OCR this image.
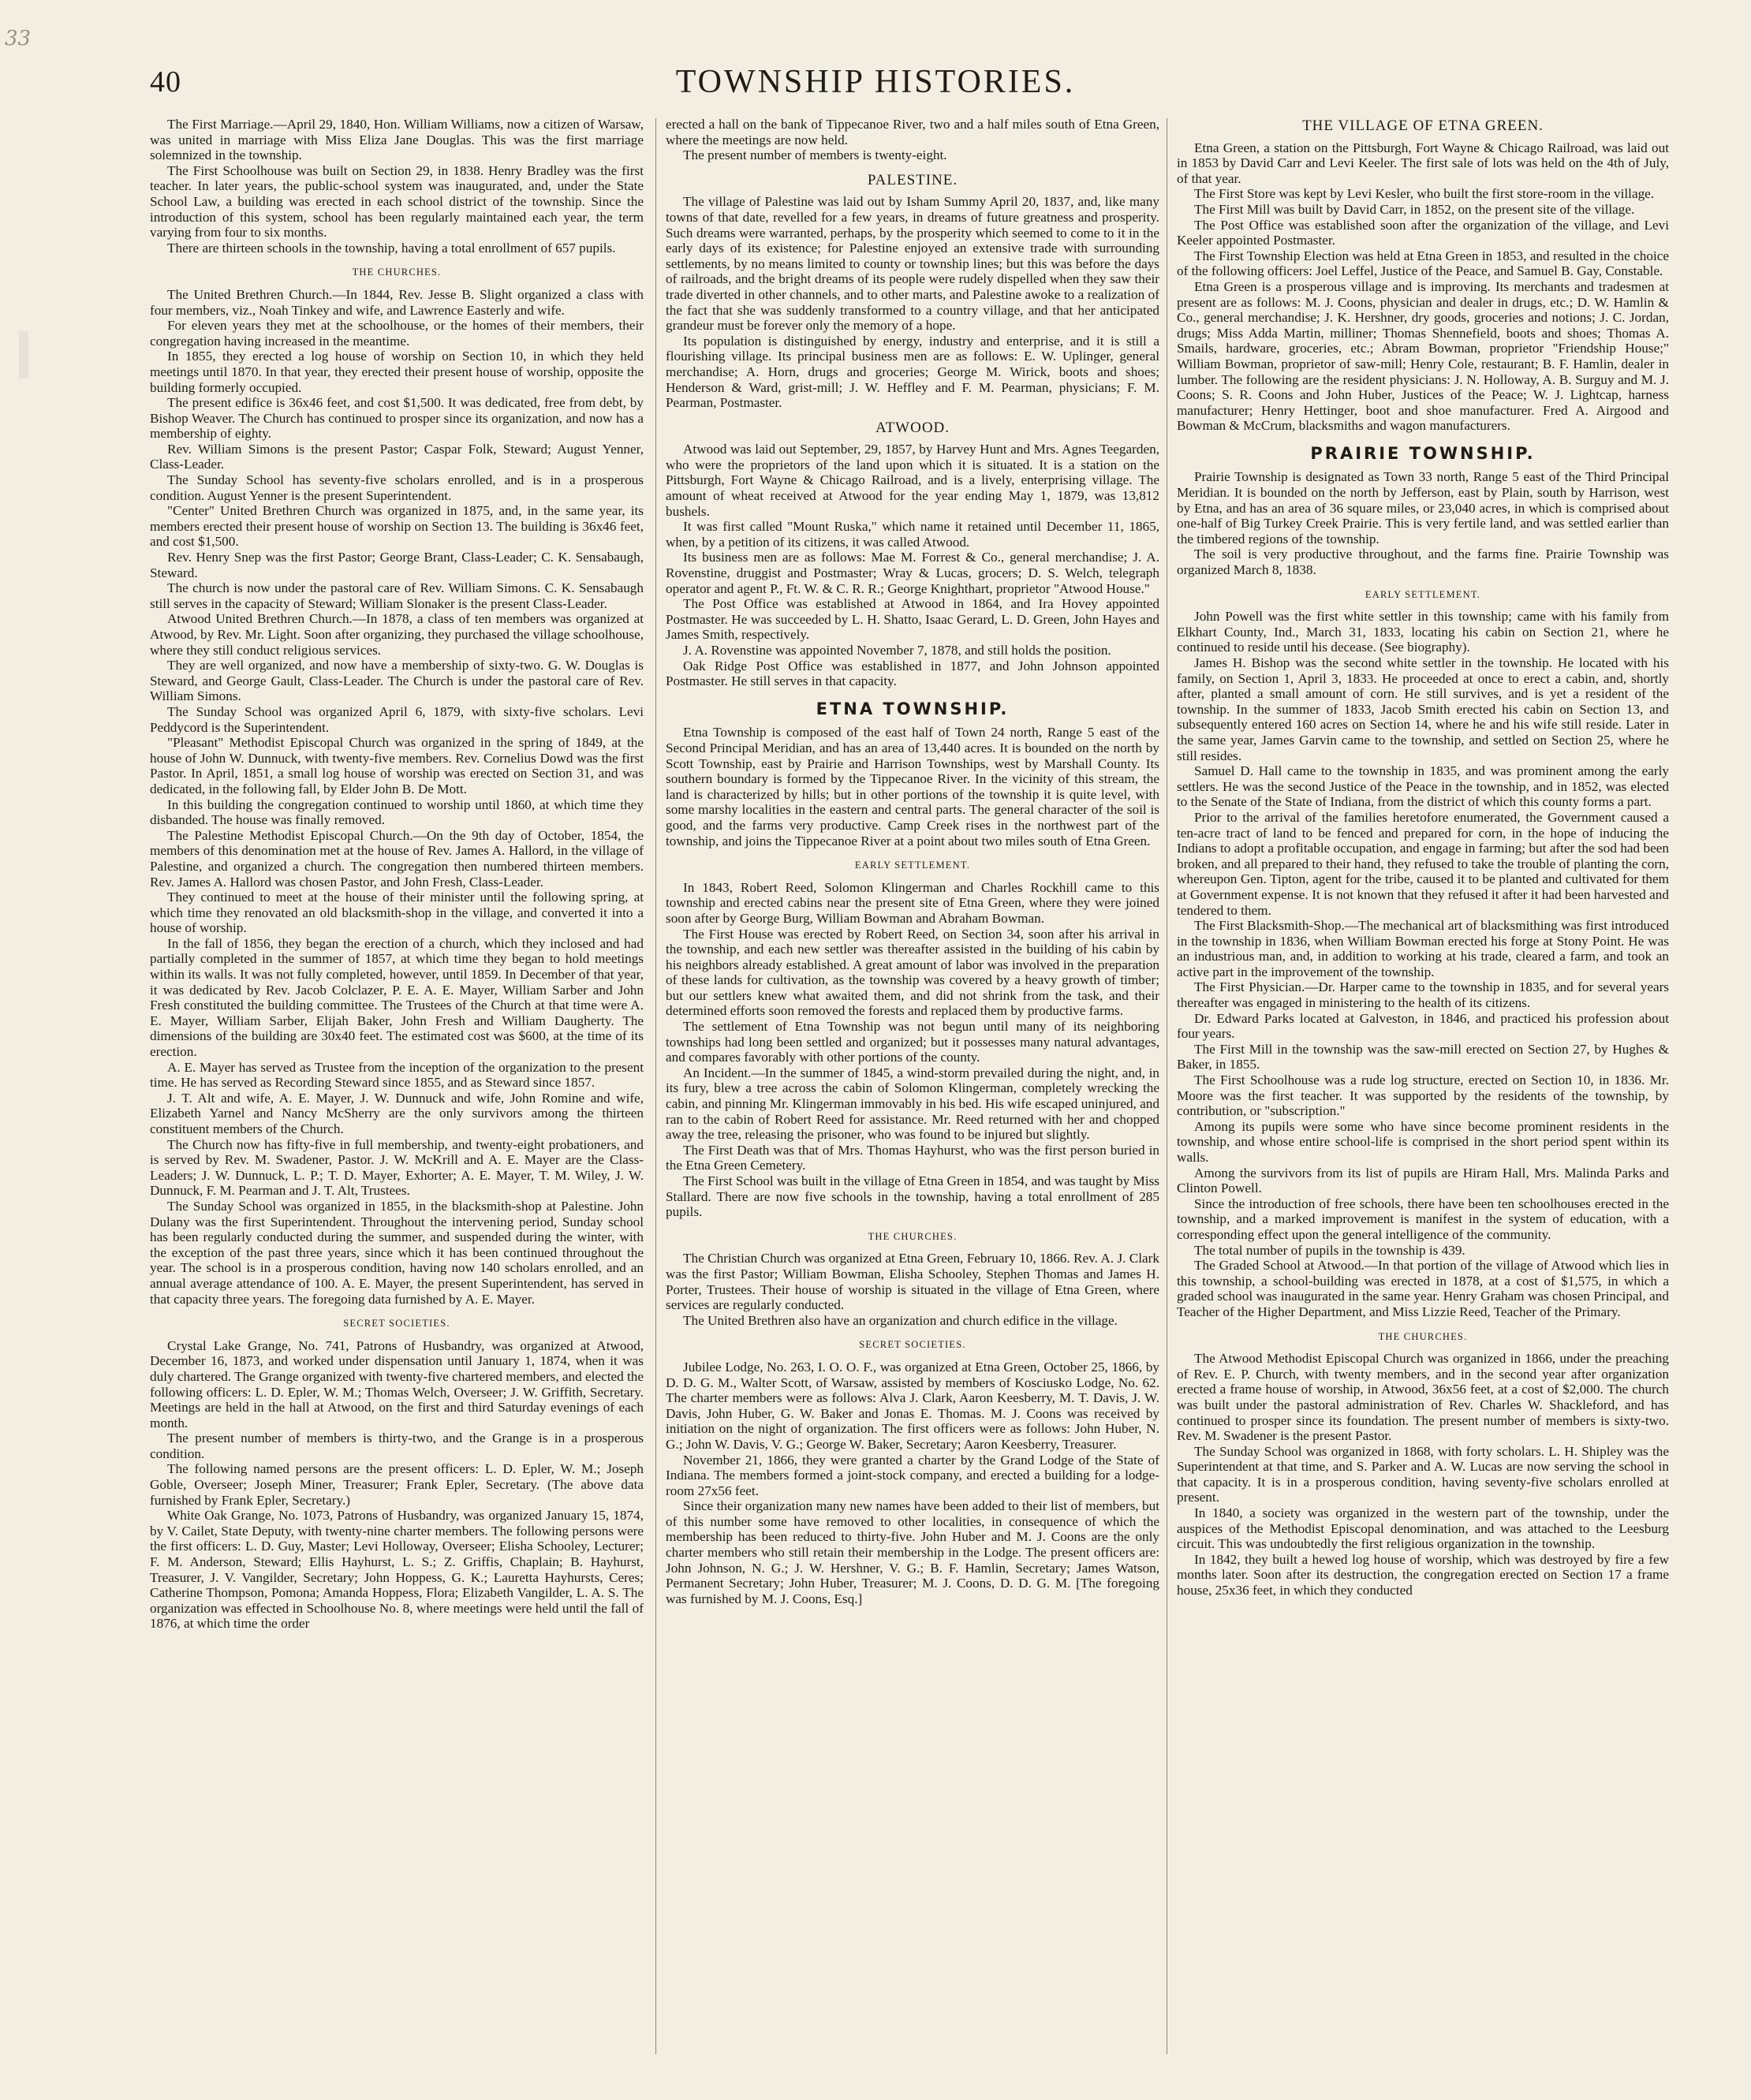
33
40	TOWNSHIP HISTORIES.

The First Marriage.—April 29, 1840, Hon. William Williams, now a citizen of Warsaw, was united in marriage with Miss Eliza Jane Douglas. This was the first marriage solemnized in the township.

The First Schoolhouse was built on Section 29, in 1838. Henry Bradley was the first teacher. In later years, the public-school system was inaugurated, and, under the State School Law, a building was erected in each school district of the township. Since the introduction of this system, school has been regularly maintained each year, the term varying from four to six months.

There are thirteen schools in the township, having a total enrollment of 657 pupils.

THE CHURCHES.

The United Brethren Church.—In 1844, Rev. Jesse B. Slight organized a class with four members, viz., Noah Tinkey and wife, and Lawrence Easterly and wife.

For eleven years they met at the schoolhouse, or the homes of their members, their congregation having increased in the meantime.

In 1855, they erected a log house of worship on Section 10, in which they held meetings until 1870. In that year, they erected their present house of worship, opposite the building formerly occupied.

The present edifice is 36x46 feet, and cost $1,500. It was dedicated, free from debt, by Bishop Weaver. The Church has continued to prosper since its organization, and now has a membership of eighty.

Rev. William Simons is the present Pastor; Caspar Folk, Steward; August Yenner, Class-Leader.

The Sunday School has seventy-five scholars enrolled, and is in a prosperous condition. August Yenner is the present Superintendent.

"Center" United Brethren Church was organized in 1875, and, in the same year, its members erected their present house of worship on Section 13. The building is 36x46 feet, and cost $1,500.

Rev. Henry Snep was the first Pastor; George Brant, Class-Leader; C. K. Sensabaugh, Steward.

The church is now under the pastoral care of Rev. William Simons. C. K. Sensabaugh still serves in the capacity of Steward; William Slonaker is the present Class-Leader.

Atwood United Brethren Church.—In 1878, a class of ten members was organized at Atwood, by Rev. Mr. Light. Soon after organizing, they purchased the village schoolhouse, where they still conduct religious services.

They are well organized, and now have a membership of sixty-two. G. W. Douglas is Steward, and George Gault, Class-Leader. The Church is under the pastoral care of Rev. William Simons.

The Sunday School was organized April 6, 1879, with sixty-five scholars. Levi Peddycord is the Superintendent.

"Pleasant" Methodist Episcopal Church was organized in the spring of 1849, at the house of John W. Dunnuck, with twenty-five members. Rev. Cornelius Dowd was the first Pastor. In April, 1851, a small log house of worship was erected on Section 31, and was dedicated, in the following fall, by Elder John B. De Mott.

In this building the congregation continued to worship until 1860, at which time they disbanded. The house was finally removed.

The Palestine Methodist Episcopal Church.—On the 9th day of October, 1854, the members of this denomination met at the house of Rev. James A. Hallord, in the village of Palestine, and organized a church. The congregation then numbered thirteen members. Rev. James A. Hallord was chosen Pastor, and John Fresh, Class-Leader.

They continued to meet at the house of their minister until the following spring, at which time they renovated an old blacksmith-shop in the village, and converted it into a house of worship.

In the fall of 1856, they began the erection of a church, which they inclosed and had partially completed in the summer of 1857, at which time they began to hold meetings within its walls. It was not fully completed, however, until 1859. In December of that year, it was dedicated by Rev. Jacob Colclazer, P. E. A. E. Mayer, William Sarber and John Fresh constituted the building committee. The Trustees of the Church at that time were A. E. Mayer, William Sarber, Elijah Baker, John Fresh and William Daugherty. The dimensions of the building are 30x40 feet. The estimated cost was $600, at the time of its erection.

A. E. Mayer has served as Trustee from the inception of the organization to the present time. He has served as Recording Steward since 1855, and as Steward since 1857.

J. T. Alt and wife, A. E. Mayer, J. W. Dunnuck and wife, John Romine and wife, Elizabeth Yarnel and Nancy McSherry are the only survivors among the thirteen constituent members of the Church.

The Church now has fifty-five in full membership, and twenty-eight probationers, and is served by Rev. M. Swadener, Pastor. J. W. McKrill and A. E. Mayer are the Class-Leaders; J. W. Dunnuck, L. P.; T. D. Mayer, Exhorter; A. E. Mayer, T. M. Wiley, J. W. Dunnuck, F. M. Pearman and J. T. Alt, Trustees.

The Sunday School was organized in 1855, in the blacksmith-shop at Palestine. John Dulany was the first Superintendent. Throughout the intervening period, Sunday school has been regularly conducted during the summer, and suspended during the winter, with the exception of the past three years, since which it has been continued throughout the year. The school is in a prosperous condition, having now 140 scholars enrolled, and an annual average attendance of 100. A. E. Mayer, the present Superintendent, has served in that capacity three years. The foregoing data furnished by A. E. Mayer.

SECRET SOCIETIES.

Crystal Lake Grange, No. 741, Patrons of Husbandry, was organized at Atwood, December 16, 1873, and worked under dispensation until January 1, 1874, when it was duly chartered. The Grange organized with twenty-five chartered members, and elected the following officers: L. D. Epler, W. M.; Thomas Welch, Overseer; J. W. Griffith, Secretary. Meetings are held in the hall at Atwood, on the first and third Saturday evenings of each month.

The present number of members is thirty-two, and the Grange is in a prosperous condition.

The following named persons are the present officers: L. D. Epler, W. M.; Joseph Goble, Overseer; Joseph Miner, Treasurer; Frank Epler, Secretary. (The above data furnished by Frank Epler, Secretary.)

White Oak Grange, No. 1073, Patrons of Husbandry, was organized January 15, 1874, by V. Cailet, State Deputy, with twenty-nine charter members. The following persons were the first officers: L. D. Guy, Master; Levi Holloway, Overseer; Elisha Schooley, Lecturer; F. M. Anderson, Steward; Ellis Hayhurst, L. S.; Z. Griffis, Chaplain; B. Hayhurst, Treasurer, J. V. Vangilder, Secretary; John Hoppess, G. K.; Lauretta Hayhursts, Ceres; Catherine Thompson, Pomona; Amanda Hoppess, Flora; Elizabeth Vangilder, L. A. S. The organization was effected in Schoolhouse No. 8, where meetings were held until the fall of 1876, at which time the order

erected a hall on the bank of Tippecanoe River, two and a half miles south of Etna Green, where the meetings are now held.

The present number of members is twenty-eight.

PALESTINE.

The village of Palestine was laid out by Isham Summy April 20, 1837, and, like many towns of that date, revelled for a few years, in dreams of future greatness and prosperity. Such dreams were warranted, perhaps, by the prosperity which seemed to come to it in the early days of its existence; for Palestine enjoyed an extensive trade with surrounding settlements, by no means limited to county or township lines; but this was before the days of railroads, and the bright dreams of its people were rudely dispelled when they saw their trade diverted in other channels, and to other marts, and Palestine awoke to a realization of the fact that she was suddenly transformed to a country village, and that her anticipated grandeur must be forever only the memory of a hope.

Its population is distinguished by energy, industry and enterprise, and it is still a flourishing village. Its principal business men are as follows: E. W. Uplinger, general merchandise; A. Horn, drugs and groceries; George M. Wirick, boots and shoes; Henderson & Ward, grist-mill; J. W. Heffley and F. M. Pearman, physicians; F. M. Pearman, Postmaster.

ATWOOD.

Atwood was laid out September, 29, 1857, by Harvey Hunt and Mrs. Agnes Teegarden, who were the proprietors of the land upon which it is situated. It is a station on the Pittsburgh, Fort Wayne & Chicago Railroad, and is a lively, enterprising village. The amount of wheat received at Atwood for the year ending May 1, 1879, was 13,812 bushels.

It was first called "Mount Ruska," which name it retained until December 11, 1865, when, by a petition of its citizens, it was called Atwood.

Its business men are as follows: Mae M. Forrest & Co., general merchandise; J. A. Rovenstine, druggist and Postmaster; Wray & Lucas, grocers; D. S. Welch, telegraph operator and agent P., Ft. W. & C. R. R.; George Knighthart, proprietor "Atwood House."

The Post Office was established at Atwood in 1864, and Ira Hovey appointed Postmaster. He was succeeded by L. H. Shatto, Isaac Gerard, L. D. Green, John Hayes and James Smith, respectively.

J. A. Rovenstine was appointed November 7, 1878, and still holds the position.

Oak Ridge Post Office was established in 1877, and John Johnson appointed Postmaster. He still serves in that capacity.

ETNA TOWNSHIP.

Etna Township is composed of the east half of Town 24 north, Range 5 east of the Second Principal Meridian, and has an area of 13,440 acres. It is bounded on the north by Scott Township, east by Prairie and Harrison Townships, west by Marshall County. Its southern boundary is formed by the Tippecanoe River. In the vicinity of this stream, the land is characterized by hills; but in other portions of the township it is quite level, with some marshy localities in the eastern and central parts. The general character of the soil is good, and the farms very productive. Camp Creek rises in the northwest part of the township, and joins the Tippecanoe River at a point about two miles south of Etna Green.

EARLY SETTLEMENT.

In 1843, Robert Reed, Solomon Klingerman and Charles Rockhill came to this township and erected cabins near the present site of Etna Green, where they were joined soon after by George Burg, William Bowman and Abraham Bowman.

The First House was erected by Robert Reed, on Section 34, soon after his arrival in the township, and each new settler was thereafter assisted in the building of his cabin by his neighbors already established. A great amount of labor was involved in the preparation of these lands for cultivation, as the township was covered by a heavy growth of timber; but our settlers knew what awaited them, and did not shrink from the task, and their determined efforts soon removed the forests and replaced them by productive farms.

The settlement of Etna Township was not begun until many of its neighboring townships had long been settled and organized; but it possesses many natural advantages, and compares favorably with other portions of the county.

An Incident.—In the summer of 1845, a wind-storm prevailed during the night, and, in its fury, blew a tree across the cabin of Solomon Klingerman, completely wrecking the cabin, and pinning Mr. Klingerman immovably in his bed. His wife escaped uninjured, and ran to the cabin of Robert Reed for assistance. Mr. Reed returned with her and chopped away the tree, releasing the prisoner, who was found to be injured but slightly.

The First Death was that of Mrs. Thomas Hayhurst, who was the first person buried in the Etna Green Cemetery.

The First School was built in the village of Etna Green in 1854, and was taught by Miss Stallard. There are now five schools in the township, having a total enrollment of 285 pupils.

THE CHURCHES.

The Christian Church was organized at Etna Green, February 10, 1866. Rev. A. J. Clark was the first Pastor; William Bowman, Elisha Schooley, Stephen Thomas and James H. Porter, Trustees. Their house of worship is situated in the village of Etna Green, where services are regularly conducted.

The United Brethren also have an organization and church edifice in the village.

SECRET SOCIETIES.

Jubilee Lodge, No. 263, I. O. O. F., was organized at Etna Green, October 25, 1866, by D. D. G. M., Walter Scott, of Warsaw, assisted by members of Kosciusko Lodge, No. 62. The charter members were as follows: Alva J. Clark, Aaron Keesberry, M. T. Davis, J. W. Davis, John Huber, G. W. Baker and Jonas E. Thomas. M. J. Coons was received by initiation on the night of organization. The first officers were as follows: John Huber, N. G.; John W. Davis, V. G.; George W. Baker, Secretary; Aaron Keesberry, Treasurer.

November 21, 1866, they were granted a charter by the Grand Lodge of the State of Indiana. The members formed a joint-stock company, and erected a building for a lodge-room 27x56 feet.

Since their organization many new names have been added to their list of members, but of this number some have removed to other localities, in consequence of which the membership has been reduced to thirty-five. John Huber and M. J. Coons are the only charter members who still retain their membership in the Lodge. The present officers are: John Johnson, N. G.; J. W. Hershner, V. G.; B. F. Hamlin, Secretary; James Watson, Permanent Secretary; John Huber, Treasurer; M. J. Coons, D. D. G. M. [The foregoing was furnished by M. J. Coons, Esq.]

THE VILLAGE OF ETNA GREEN.

Etna Green, a station on the Pittsburgh, Fort Wayne & Chicago Railroad, was laid out in 1853 by David Carr and Levi Keeler. The first sale of lots was held on the 4th of July, of that year.

The First Store was kept by Levi Kesler, who built the first store-room in the village.

The First Mill was built by David Carr, in 1852, on the present site of the village.

The Post Office was established soon after the organization of the village, and Levi Keeler appointed Postmaster.

The First Township Election was held at Etna Green in 1853, and resulted in the choice of the following officers: Joel Leffel, Justice of the Peace, and Samuel B. Gay, Constable.

Etna Green is a prosperous village and is improving. Its merchants and tradesmen at present are as follows: M. J. Coons, physician and dealer in drugs, etc.; D. W. Hamlin & Co., general merchandise; J. K. Hershner, dry goods, groceries and notions; J. C. Jordan, drugs; Miss Adda Martin, milliner; Thomas Shennefield, boots and shoes; Thomas A. Smails, hardware, groceries, etc.; Abram Bowman, proprietor "Friendship House;" William Bowman, proprietor of saw-mill; Henry Cole, restaurant; B. F. Hamlin, dealer in lumber. The following are the resident physicians: J. N. Holloway, A. B. Surguy and M. J. Coons; S. R. Coons and John Huber, Justices of the Peace; W. J. Lightcap, harness manufacturer; Henry Hettinger, boot and shoe manufacturer. Fred A. Airgood and Bowman & McCrum, blacksmiths and wagon manufacturers.

PRAIRIE TOWNSHIP.

Prairie Township is designated as Town 33 north, Range 5 east of the Third Principal Meridian. It is bounded on the north by Jefferson, east by Plain, south by Harrison, west by Etna, and has an area of 36 square miles, or 23,040 acres, in which is comprised about one-half of Big Turkey Creek Prairie. This is very fertile land, and was settled earlier than the timbered regions of the township.

The soil is very productive throughout, and the farms fine. Prairie Township was organized March 8, 1838.

EARLY SETTLEMENT.

John Powell was the first white settler in this township; came with his family from Elkhart County, Ind., March 31, 1833, locating his cabin on Section 21, where he continued to reside until his decease. (See biography).

James H. Bishop was the second white settler in the township. He located with his family, on Section 1, April 3, 1833. He proceeded at once to erect a cabin, and, shortly after, planted a small amount of corn. He still survives, and is yet a resident of the township. In the summer of 1833, Jacob Smith erected his cabin on Section 13, and subsequently entered 160 acres on Section 14, where he and his wife still reside. Later in the same year, James Garvin came to the township, and settled on Section 25, where he still resides.

Samuel D. Hall came to the township in 1835, and was prominent among the early settlers. He was the second Justice of the Peace in the township, and in 1852, was elected to the Senate of the State of Indiana, from the district of which this county forms a part.

Prior to the arrival of the families heretofore enumerated, the Government caused a ten-acre tract of land to be fenced and prepared for corn, in the hope of inducing the Indians to adopt a profitable occupation, and engage in farming; but after the sod had been broken, and all prepared to their hand, they refused to take the trouble of planting the corn, whereupon Gen. Tipton, agent for the tribe, caused it to be planted and cultivated for them at Government expense. It is not known that they refused it after it had been harvested and tendered to them.

The First Blacksmith-Shop.—The mechanical art of blacksmithing was first introduced in the township in 1836, when William Bowman erected his forge at Stony Point. He was an industrious man, and, in addition to working at his trade, cleared a farm, and took an active part in the improvement of the township.

The First Physician.—Dr. Harper came to the township in 1835, and for several years thereafter was engaged in ministering to the health of its citizens.

Dr. Edward Parks located at Galveston, in 1846, and practiced his profession about four years.

The First Mill in the township was the saw-mill erected on Section 27, by Hughes & Baker, in 1855.

The First Schoolhouse was a rude log structure, erected on Section 10, in 1836. Mr. Moore was the first teacher. It was supported by the residents of the township, by contribution, or "subscription."

Among its pupils were some who have since become prominent residents in the township, and whose entire school-life is comprised in the short period spent within its walls.

Among the survivors from its list of pupils are Hiram Hall, Mrs. Malinda Parks and Clinton Powell.

Since the introduction of free schools, there have been ten schoolhouses erected in the township, and a marked improvement is manifest in the system of education, with a corresponding effect upon the general intelligence of the community.

The total number of pupils in the township is 439.

The Graded School at Atwood.—In that portion of the village of Atwood which lies in this township, a school-building was erected in 1878, at a cost of $1,575, in which a graded school was inaugurated in the same year. Henry Graham was chosen Principal, and Teacher of the Higher Department, and Miss Lizzie Reed, Teacher of the Primary.

THE CHURCHES.

The Atwood Methodist Episcopal Church was organized in 1866, under the preaching of Rev. E. P. Church, with twenty members, and in the second year after organization erected a frame house of worship, in Atwood, 36x56 feet, at a cost of $2,000. The church was built under the pastoral administration of Rev. Charles W. Shackleford, and has continued to prosper since its foundation. The present number of members is sixty-two. Rev. M. Swadener is the present Pastor.

The Sunday School was organized in 1868, with forty scholars. L. H. Shipley was the Superintendent at that time, and S. Parker and A. W. Lucas are now serving the school in that capacity. It is in a prosperous condition, having seventy-five scholars enrolled at present.

In 1840, a society was organized in the western part of the township, under the auspices of the Methodist Episcopal denomination, and was attached to the Leesburg circuit. This was undoubtedly the first religious organization in the township.

In 1842, they built a hewed log house of worship, which was destroyed by fire a few months later. Soon after its destruction, the congregation erected on Section 17 a frame house, 25x36 feet, in which they conducted
